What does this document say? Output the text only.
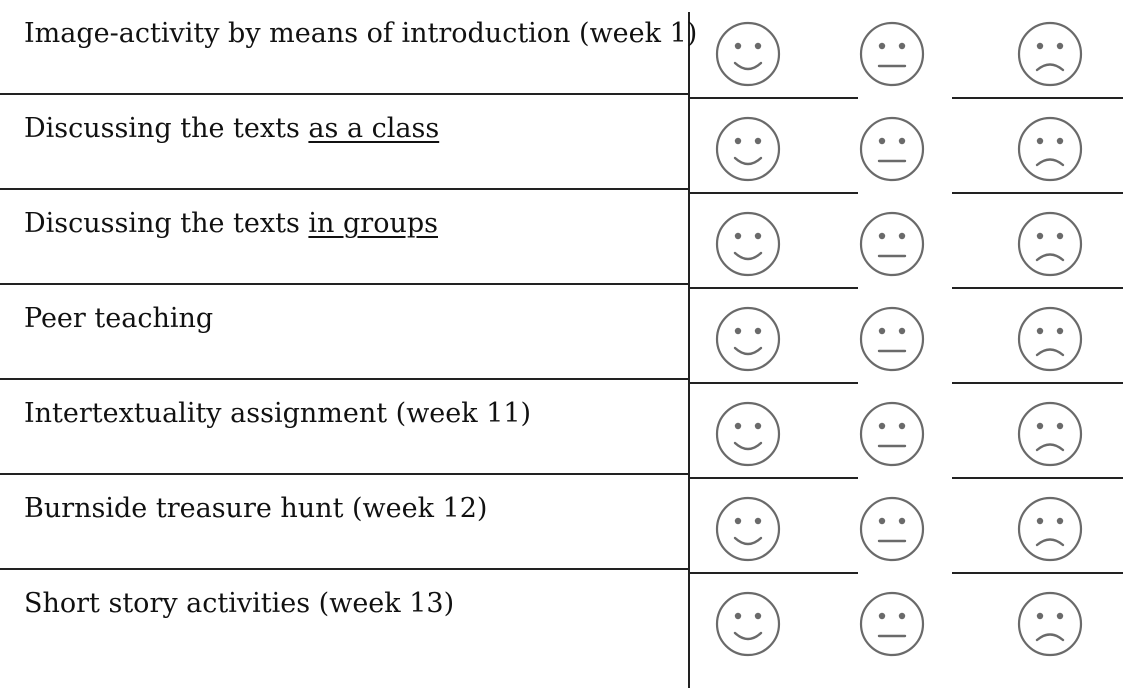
Image-activity by means of introduction (week 1)
Discussing the texts as a class
Discussing the texts in groups
Peer teaching
Intertextuality assignment (week 11)
Burnside treasure hunt (week 12)
Short story activities (week 13)
